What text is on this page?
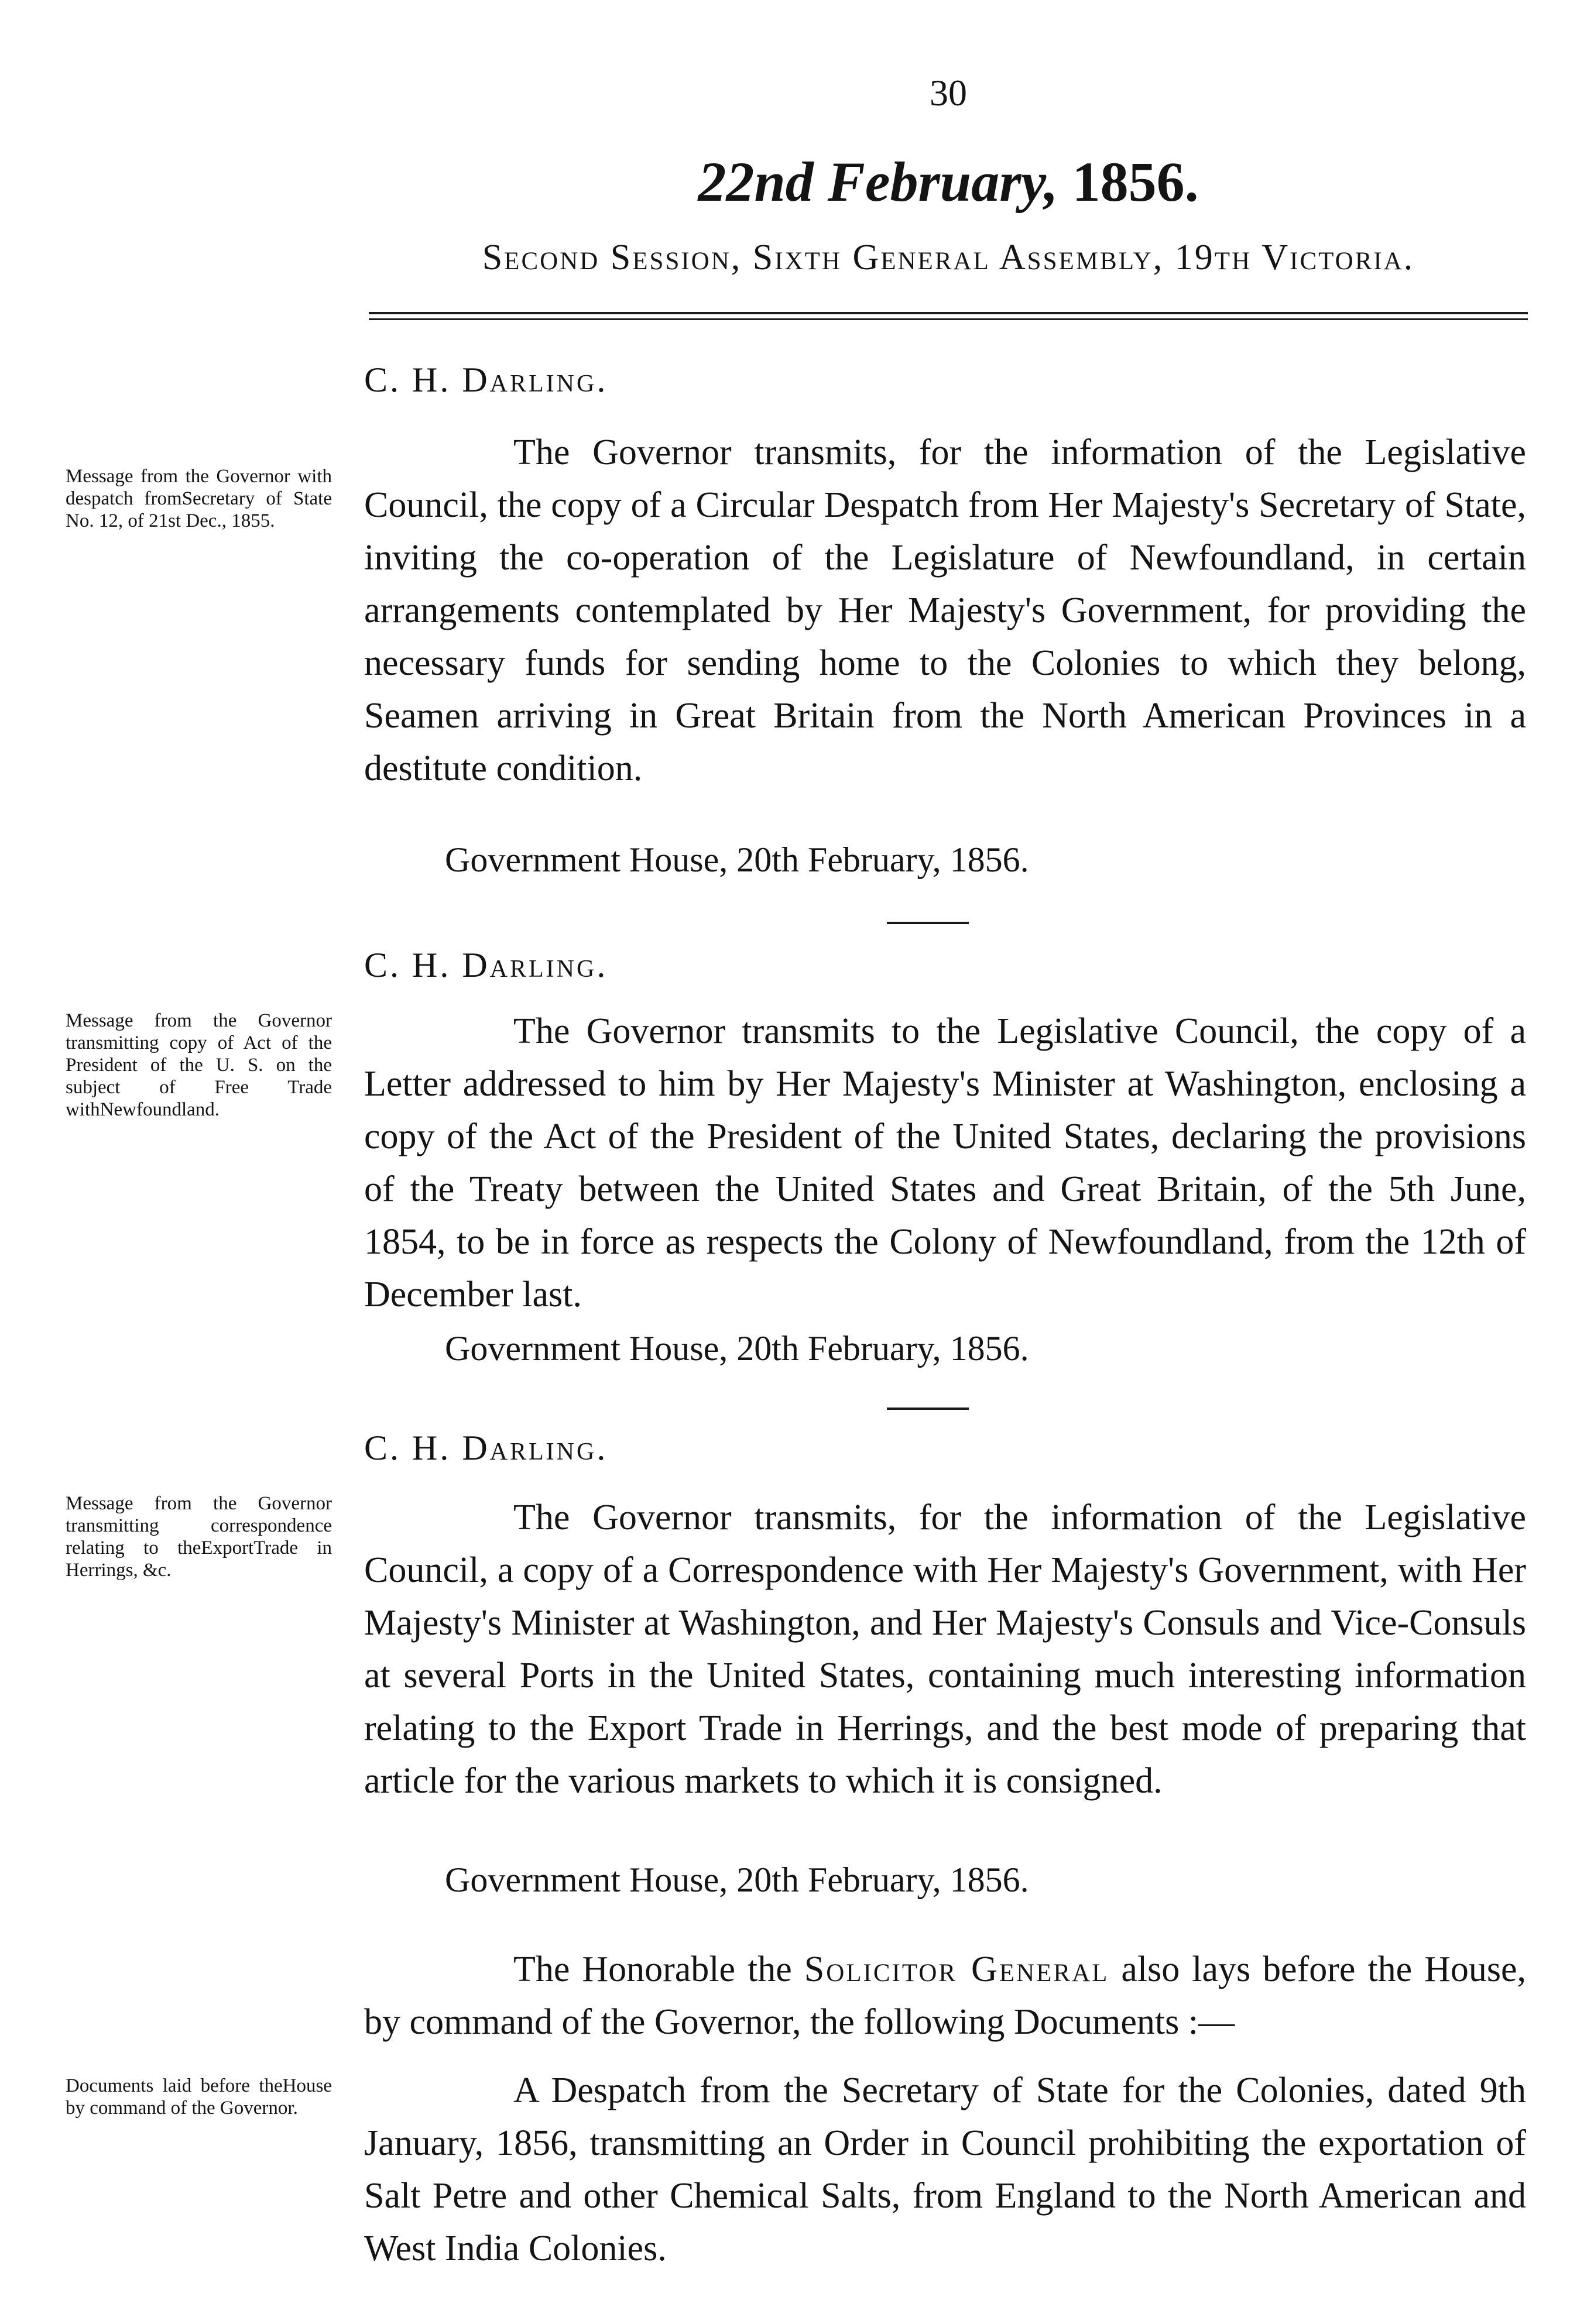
30
22nd February, 1856.
Second Session, Sixth General Assembly, 19th Victoria.
C. H. Darling.

Message from the Governor with despatch fromSecretary of State No. 12, of 21st Dec., 1855.

The Governor transmits, for the information of the Legislative Council, the copy of a Circular Despatch from Her Majesty's Secretary of State, inviting the co-operation of the Legislature of Newfoundland, in certain arrangements contemplated by Her Majesty's Government, for providing the necessary funds for sending home to the Colonies to which they belong, Seamen arriving in Great Britain from the North American Provinces in a destitute condition.

Government House, 20th February, 1856.
C. H. Darling.

Message from the Governor transmitting copy of Act of the President of the U. S. on the subject of Free Trade withNewfoundland.

The Governor transmits to the Legislative Council, the copy of a Letter addressed to him by Her Majesty's Minister at Washington, enclosing a copy of the Act of the President of the United States, declaring the provisions of the Treaty between the United States and Great Britain, of the 5th June, 1854, to be in force as respects the Colony of Newfoundland, from the 12th of December last.

Government House, 20th February, 1856.
C. H. Darling.

Message from the Governor transmitting correspondence relating to theExportTrade in Herrings, &c.

The Governor transmits, for the information of the Legislative Council, a copy of a Correspondence with Her Majesty's Government, with Her Majesty's Minister at Washington, and Her Majesty's Consuls and Vice-Consuls at several Ports in the United States, containing much interesting information relating to the Export Trade in Herrings, and the best mode of preparing that article for the various markets to which it is consigned.

Government House, 20th February, 1856.

The Honorable the Solicitor General also lays before the House, by command of the Governor, the following Documents :—

Documents laid before theHouse by command of the Governor.	A Despatch from the Secretary of State for the Colonies, dated 9th January, 1856, transmitting an Order in Council prohibiting the exportation of Salt Petre and other Chemical Salts, from England to the North American and West India Colonies.
